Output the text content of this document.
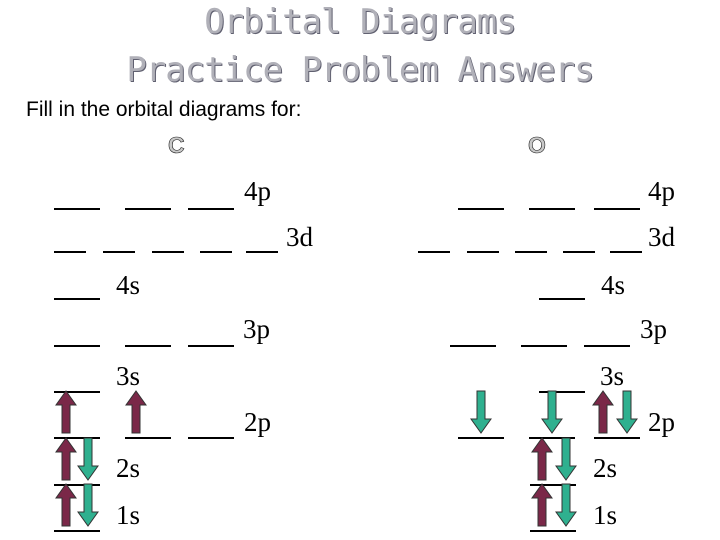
Orbital Diagrams
Practice Problem Answers
Fill in the orbital diagrams for:
C	O
4p
3d
4s
3p
3s
2p
2s
1s
4p
3d
4s
3p
3s
2p
2s
1s
